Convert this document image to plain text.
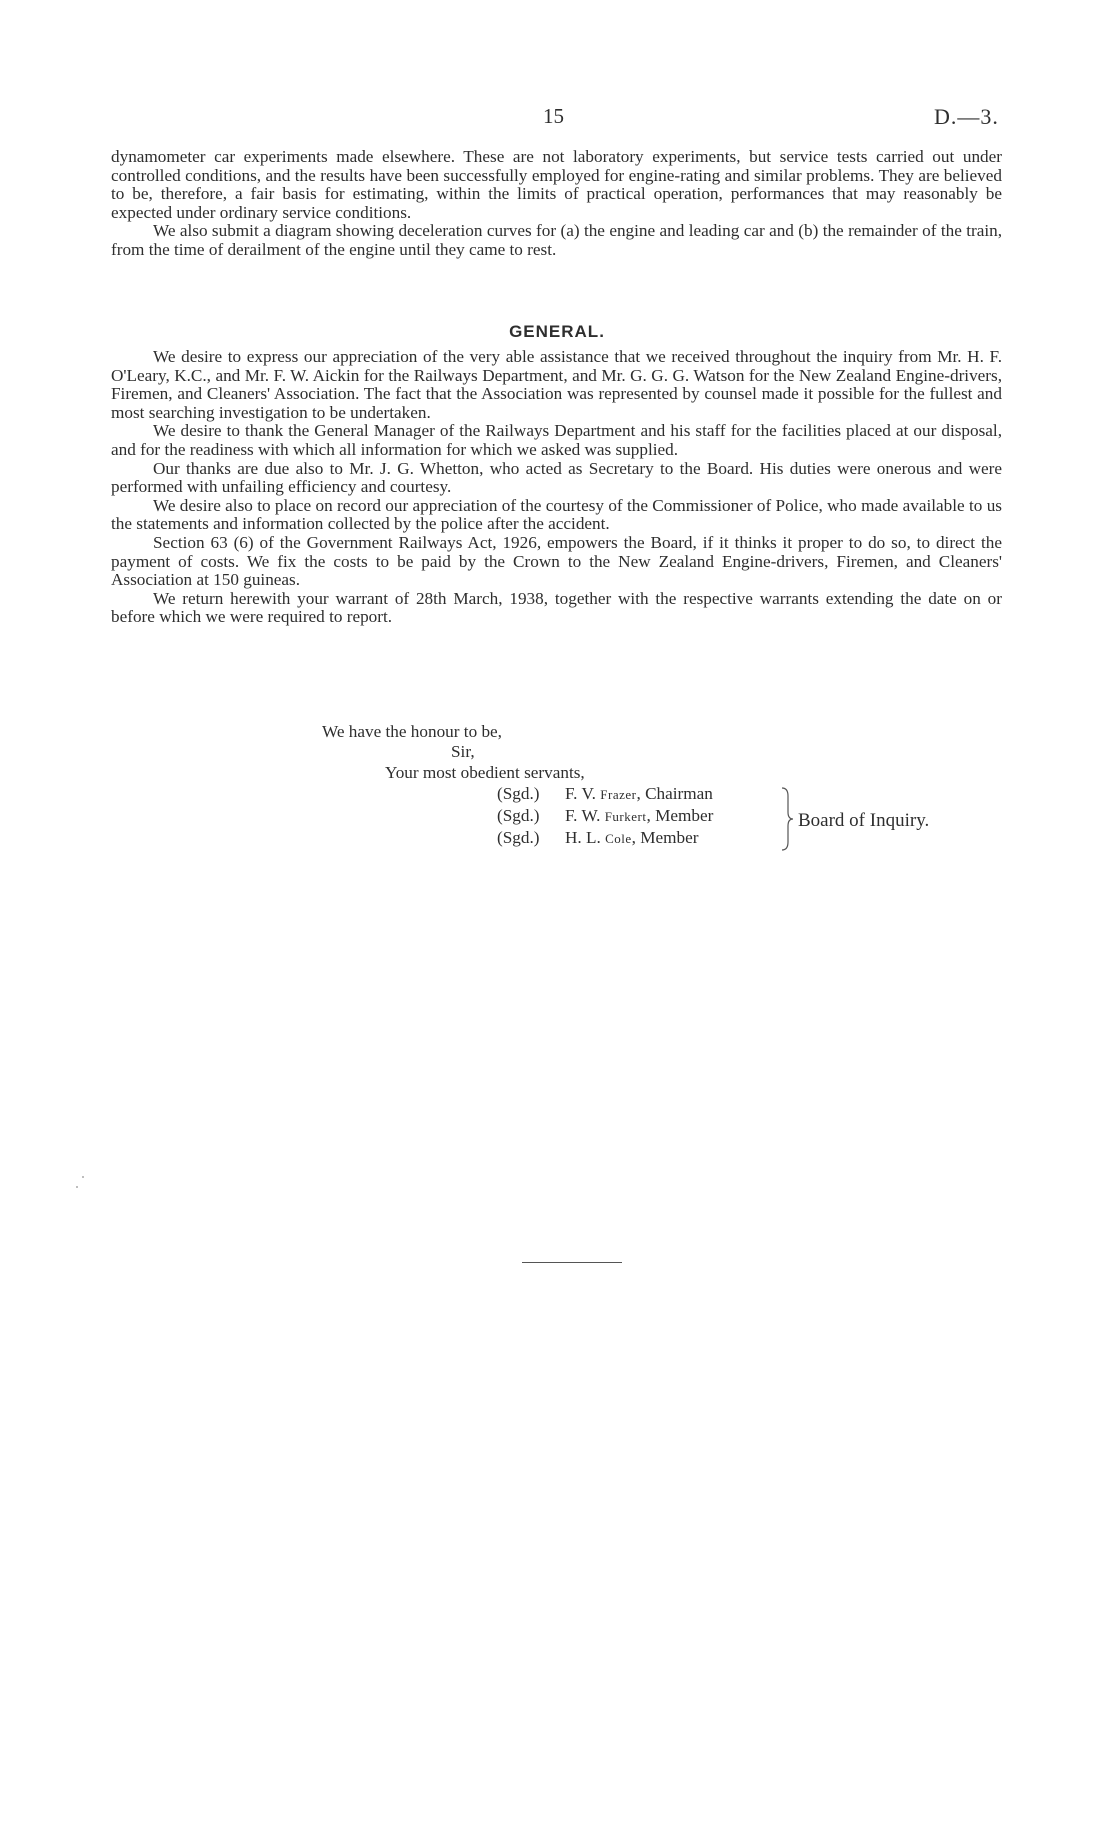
15	D.—3.

dynamometer car experiments made elsewhere. These are not laboratory experiments, but service tests carried out under controlled conditions, and the results have been successfully employed for engine-rating and similar problems. They are believed to be, therefore, a fair basis for estimating, within the limits of practical operation, performances that may reasonably be expected under ordinary service conditions.

We also submit a diagram showing deceleration curves for (a) the engine and leading car and (b) the remainder of the train, from the time of derailment of the engine until they came to rest.

GENERAL.

We desire to express our appreciation of the very able assistance that we received throughout the inquiry from Mr. H. F. O'Leary, K.C., and Mr. F. W. Aickin for the Railways Department, and Mr. G. G. G. Watson for the New Zealand Engine-drivers, Firemen, and Cleaners' Association. The fact that the Association was represented by counsel made it possible for the fullest and most searching investigation to be undertaken.

We desire to thank the General Manager of the Railways Department and his staff for the facilities placed at our disposal, and for the readiness with which all information for which we asked was supplied.

Our thanks are due also to Mr. J. G. Whetton, who acted as Secretary to the Board. His duties were onerous and were performed with unfailing efficiency and courtesy.

We desire also to place on record our appreciation of the courtesy of the Commissioner of Police, who made available to us the statements and information collected by the police after the accident.

Section 63 (6) of the Government Railways Act, 1926, empowers the Board, if it thinks it proper to do so, to direct the payment of costs. We fix the costs to be paid by the Crown to the New Zealand Engine-drivers, Firemen, and Cleaners' Association at 150 guineas.

We return herewith your warrant of 28th March, 1938, together with the respective warrants extending the date on or before which we were required to report.

We have the honour to be,
Sir,
Your most obedient servants,
(Sgd.) F. V. Frazer, Chairman
(Sgd.) F. W. Furkert, Member
(Sgd.) H. L. Cole, Member
Board of Inquiry.
